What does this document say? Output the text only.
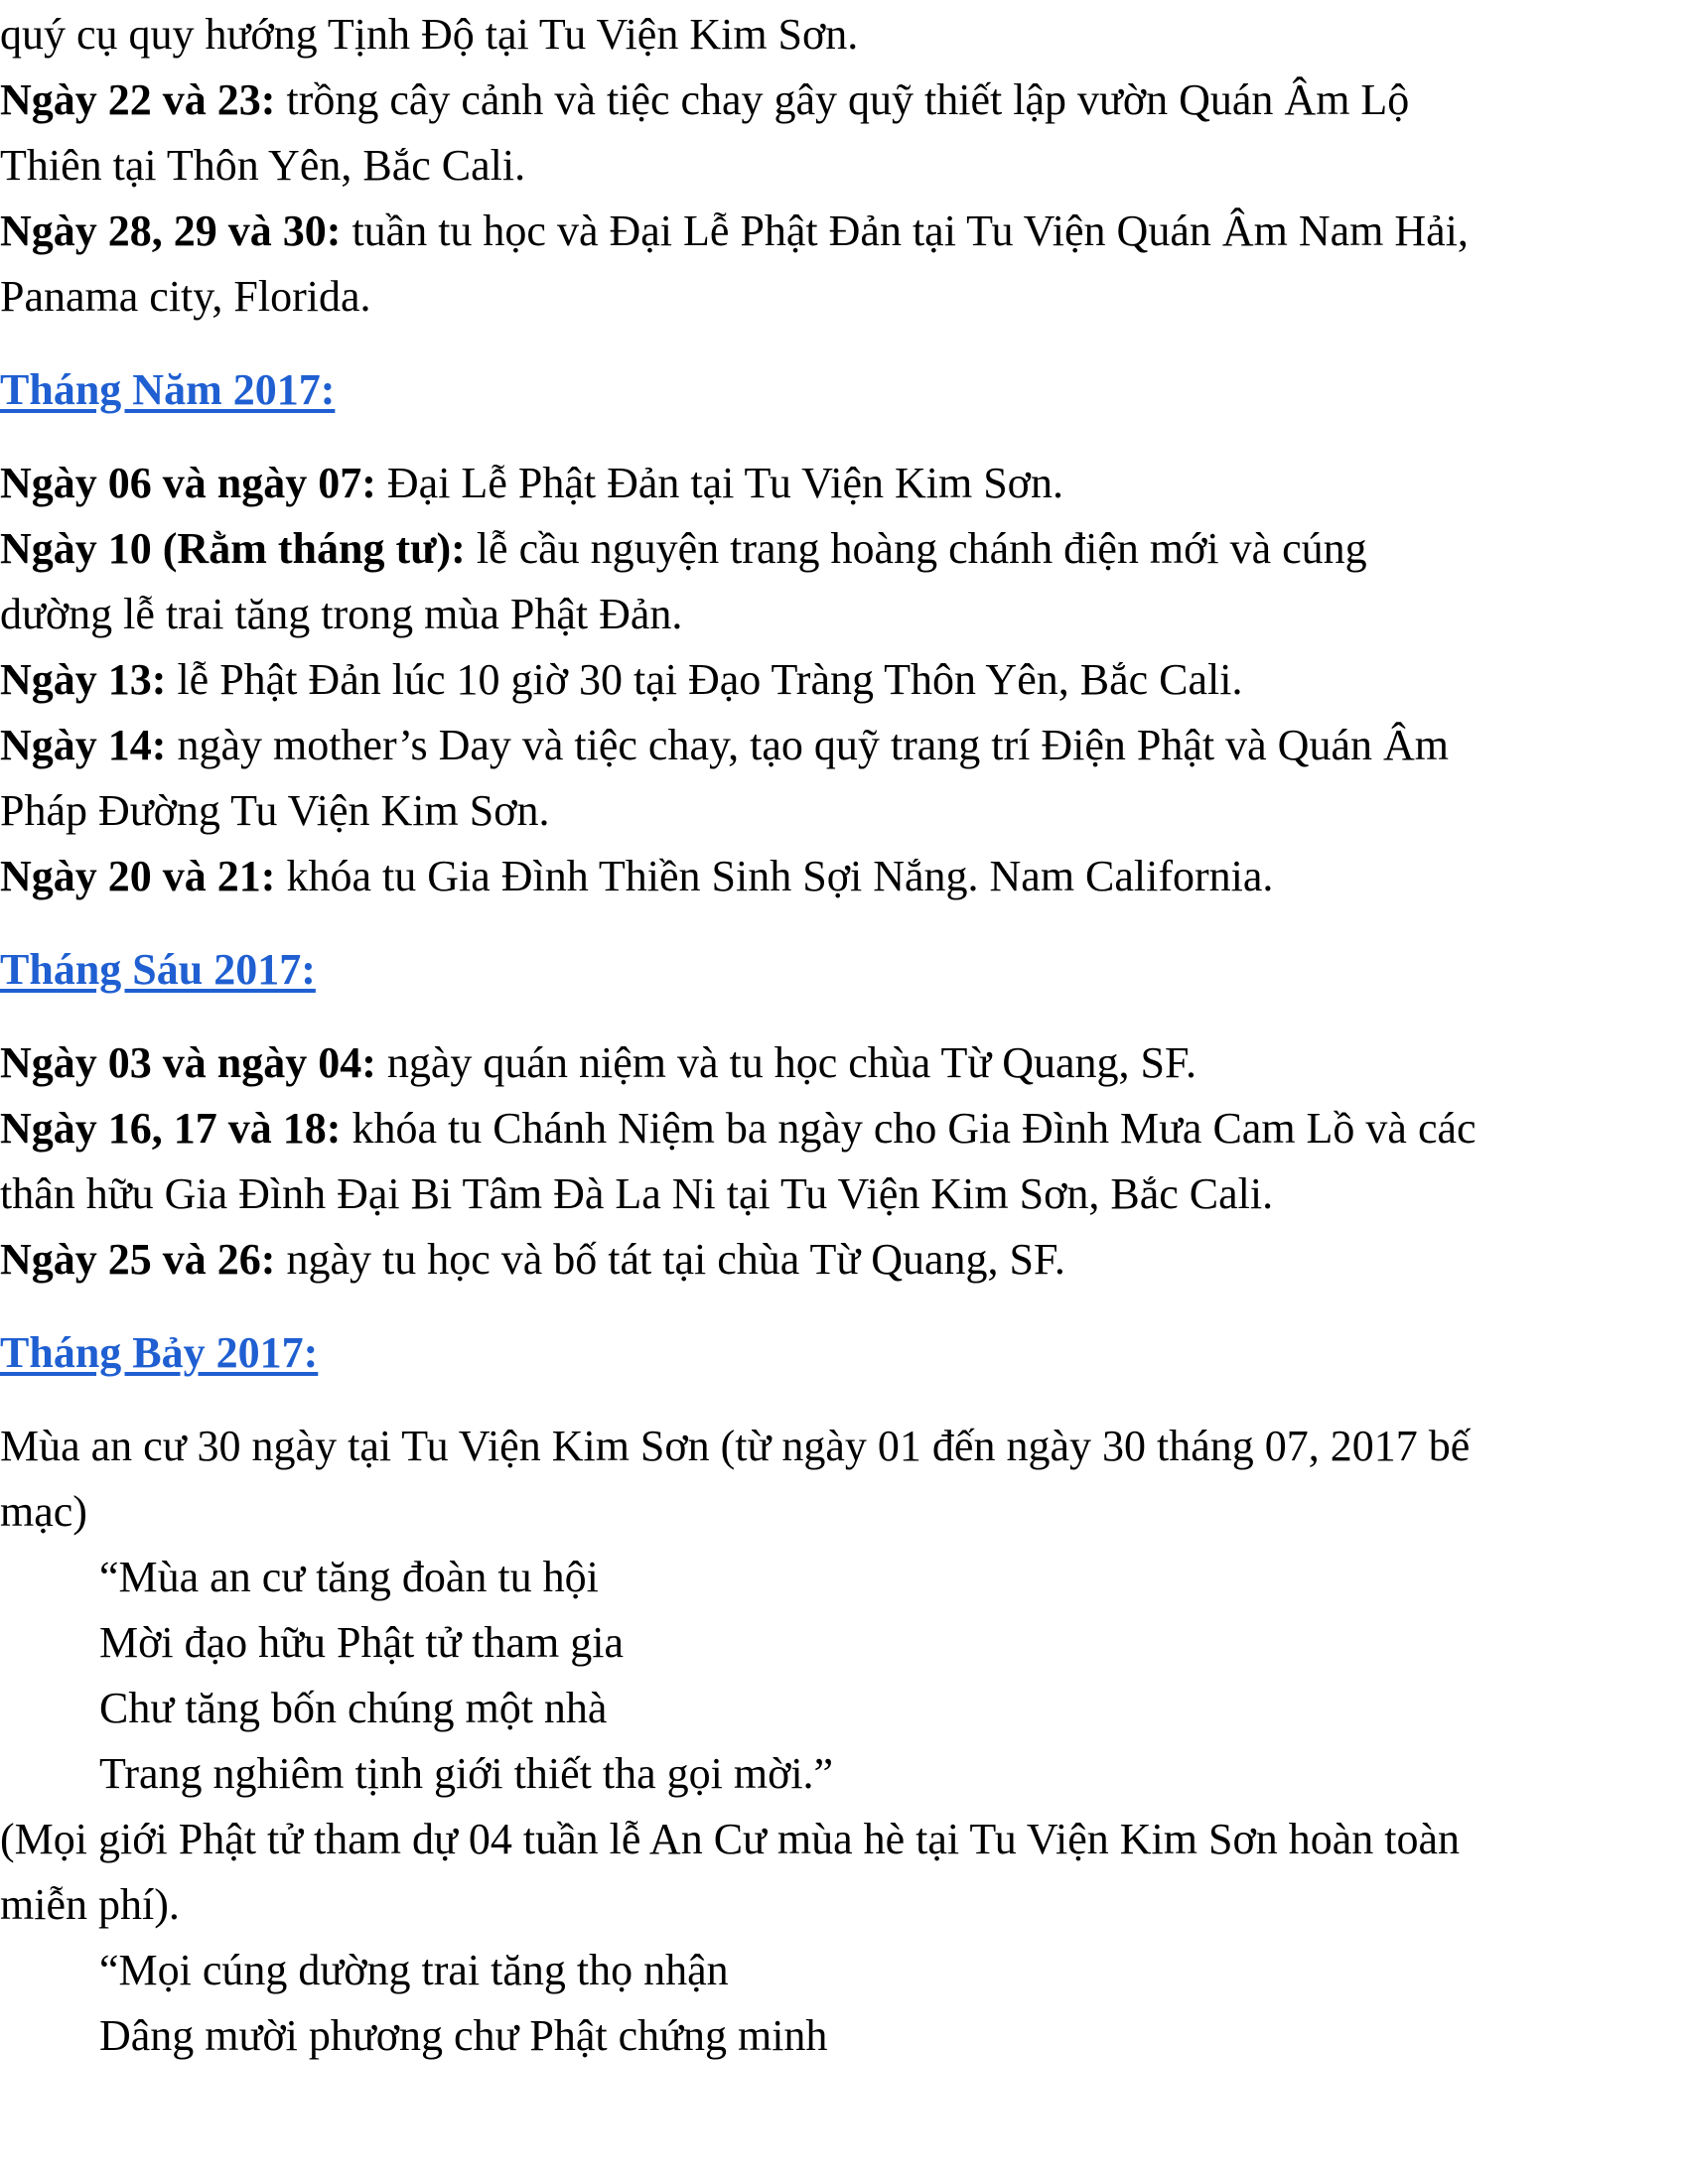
quý cụ quy hướng Tịnh Độ tại Tu Viện Kim Sơn.

Ngày 22 và 23: trồng cây cảnh và tiệc chay gây quỹ thiết lập vườn Quán Âm Lộ

Thiên tại Thôn Yên, Bắc Cali.

Ngày 28, 29 và 30: tuần tu học và Đại Lễ Phật Đản tại Tu Viện Quán Âm Nam Hải,

Panama city, Florida.

Tháng Năm 2017:

Ngày 06 và ngày 07: Đại Lễ Phật Đản tại Tu Viện Kim Sơn.

Ngày 10 (Rằm tháng tư): lễ cầu nguyện trang hoàng chánh điện mới và cúng

dường lễ trai tăng trong mùa Phật Đản.

Ngày 13: lễ Phật Đản lúc 10 giờ 30 tại Đạo Tràng Thôn Yên, Bắc Cali.

Ngày 14: ngày mother’s Day và tiệc chay, tạo quỹ trang trí Điện Phật và Quán Âm

Pháp Đường Tu Viện Kim Sơn.

Ngày 20 và 21: khóa tu Gia Đình Thiền Sinh Sợi Nắng. Nam California.

Tháng Sáu 2017:

Ngày 03 và ngày 04: ngày quán niệm và tu học chùa Từ Quang, SF.

Ngày 16, 17 và 18: khóa tu Chánh Niệm ba ngày cho Gia Đình Mưa Cam Lồ và các

thân hữu Gia Đình Đại Bi Tâm Đà La Ni tại Tu Viện Kim Sơn, Bắc Cali.

Ngày 25 và 26: ngày tu học và bố tát tại chùa Từ Quang, SF.

Tháng Bảy 2017:

Mùa an cư 30 ngày tại Tu Viện Kim Sơn (từ ngày 01 đến ngày 30 tháng 07, 2017 bế

mạc)

“Mùa an cư tăng đoàn tu hội

Mời đạo hữu Phật tử tham gia

Chư tăng bốn chúng một nhà

Trang nghiêm tịnh giới thiết tha gọi mời.”

(Mọi giới Phật tử tham dự 04 tuần lễ An Cư mùa hè tại Tu Viện Kim Sơn hoàn toàn

miễn phí).

“Mọi cúng dường trai tăng thọ nhận

Dâng mười phương chư Phật chứng minh
